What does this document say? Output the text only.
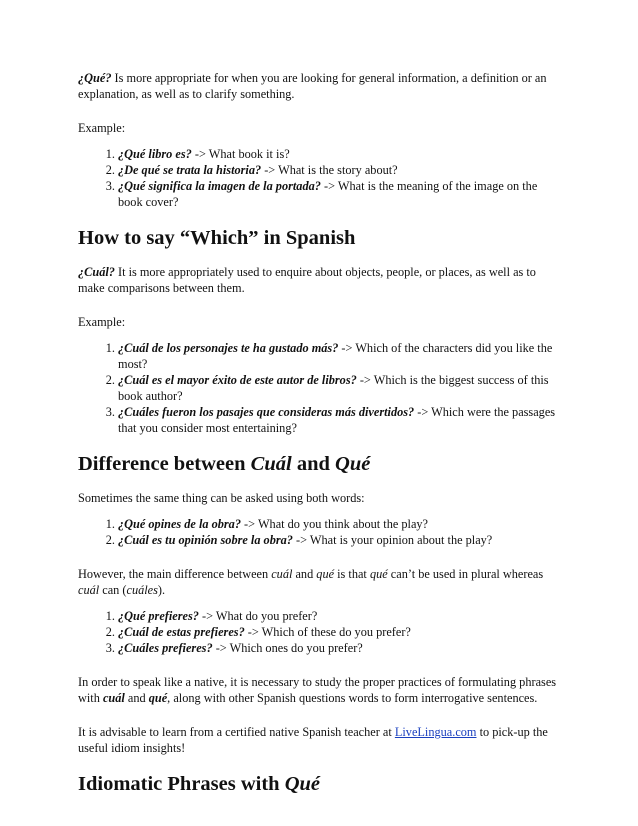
¿Qué? Is more appropriate for when you are looking for general information, a definition or an explanation, as well as to clarify something.

Example:

1. ¿Qué libro es? -> What book it is?
2. ¿De qué se trata la historia? -> What is the story about?
3. ¿Qué significa la imagen de la portada? -> What is the meaning of the image on the book cover?
How to say “Which” in Spanish

¿Cuál? It is more appropriately used to enquire about objects, people, or places, as well as to make comparisons between them.

Example:

1. ¿Cuál de los personajes te ha gustado más? -> Which of the characters did you like the most?
2. ¿Cuál es el mayor éxito de este autor de libros? -> Which is the biggest success of this book author?
3. ¿Cuáles fueron los pasajes que consideras más divertidos? -> Which were the passages that you consider most entertaining?
Difference between Cuál and Qué

Sometimes the same thing can be asked using both words:

1. ¿Qué opines de la obra? -> What do you think about the play?
2. ¿Cuál es tu opinión sobre la obra? -> What is your opinion about the play?

However, the main difference between cuál and qué is that qué can’t be used in plural whereas cuál can (cuáles).

1. ¿Qué prefieres? -> What do you prefer?
2. ¿Cuál de estas prefieres? -> Which of these do you prefer?
3. ¿Cuáles prefieres? -> Which ones do you prefer?

In order to speak like a native, it is necessary to study the proper practices of formulating phrases with cuál and qué, along with other Spanish questions words to form interrogative sentences.

It is advisable to learn from a certified native Spanish teacher at LiveLingua.com to pick-up the useful idiom insights!

Idiomatic Phrases with Qué
